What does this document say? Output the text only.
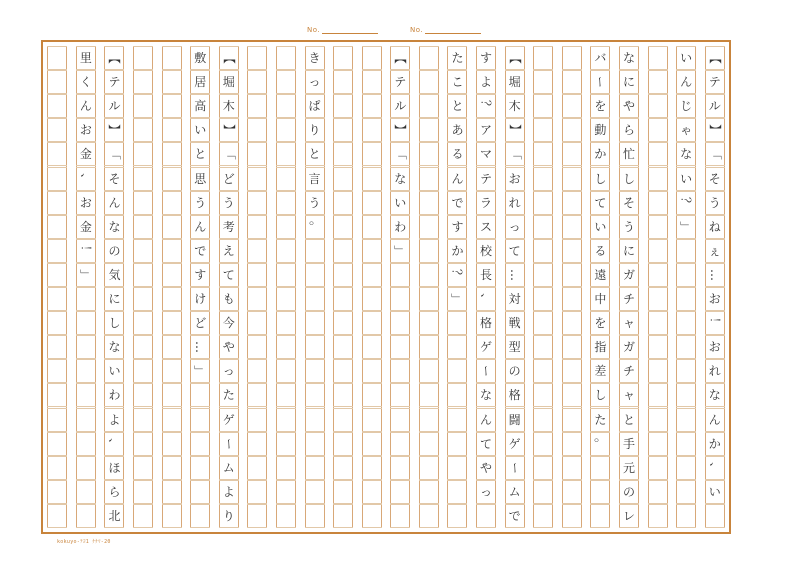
No.	No.
【
テ
ル
】
「
そ
う
ね
ぇ
…
お
！
お
れ
な
ん
か
、
い
い
ん
じ
ゃ
な
い
？
」
な
に
や
ら
忙
し
そ
う
に
ガ
チ
ャ
ガ
チ
ャ
と
手
元
の
レ
バ
ー
を
動
か
し
て
い
る
遠
中
を
指
差
し
た
。
【
堀
木
】
「
お
れ
っ
て
…
対
戦
型
の
格
闘
ゲ
ー
ム
で
す
よ
？
ア
マ
テ
ラ
ス
校
長
、
格
ゲ
ー
な
ん
て
や
っ
た
こ
と
あ
る
ん
で
す
か
？
」
【
テ
ル
】
「
な
い
わ
」
き
っ
ぱ
り
と
言
う
。
【
堀
木
】
「
ど
う
考
え
て
も
今
や
っ
た
ゲ
ー
ム
よ
り
敷
居
高
い
と
思
う
ん
で
す
け
ど
…
」
【
テ
ル
】
「
そ
ん
な
の
気
に
し
な
い
わ
よ
、
ほ
ら
北
里
く
ん
お
金
、
お
金
！
」
kokuyo-ﾃﾖ1 ｹｹﾏ-20
